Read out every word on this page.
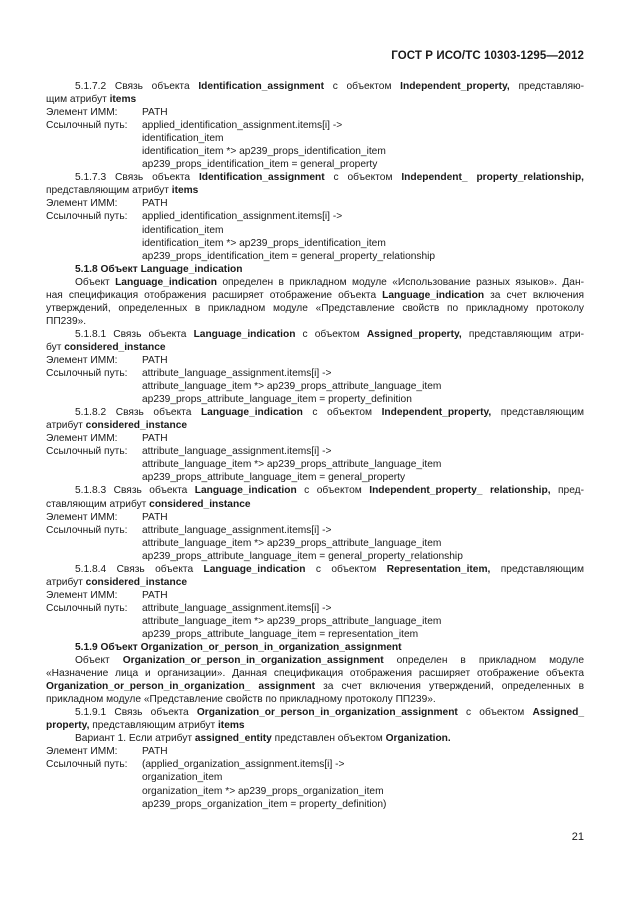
ГОСТ Р ИСО/ТС 10303-1295—2012
5.1.7.2 Связь объекта Identification_assignment с объектом Independent_property, представляю-
щим атрибут items
Элемент ИММ:	PATH
Ссылочный путь:	applied_identification_assignment.items[i] ->
identification_item
identification_item *> ap239_props_identification_item
ap239_props_identification_item = general_property
5.1.7.3 Связь объекта Identification_assignment с объектом Independent_ property_relationship,
представляющим атрибут items
Элемент ИММ:	PATH
Ссылочный путь:	applied_identification_assignment.items[i] ->
identification_item
identification_item *> ap239_props_identification_item
ap239_props_identification_item = general_property_relationship
5.1.8 Объект Language_indication
Объект Language_indication определен в прикладном модуле «Использование разных языков». Дан-
ная спецификация отображения расширяет отображение объекта Language_indication за счет включения
утверждений, определенных в прикладном модуле «Представление свойств по прикладному протоколу
ПП239».
5.1.8.1 Связь объекта Language_indication с объектом Assigned_property, представляющим атри-
бут considered_instance
Элемент ИММ:	PATH
Ссылочный путь:	attribute_language_assignment.items[i] ->
attribute_language_item *> ap239_props_attribute_language_item
ap239_props_attribute_language_item = property_definition
5.1.8.2 Связь объекта Language_indication с объектом Independent_property, представляющим
атрибут considered_instance
Элемент ИММ:	PATH
Ссылочный путь:	attribute_language_assignment.items[i] ->
attribute_language_item *> ap239_props_attribute_language_item
ap239_props_attribute_language_item = general_property
5.1.8.3 Связь объекта Language_indication с объектом Independent_property_ relationship, пред-
ставляющим атрибут considered_instance
Элемент ИММ:	PATH
Ссылочный путь:	attribute_language_assignment.items[i] ->
attribute_language_item *> ap239_props_attribute_language_item
ap239_props_attribute_language_item = general_property_relationship
5.1.8.4 Связь объекта Language_indication с объектом Representation_item, представляющим
атрибут considered_instance
Элемент ИММ:	PATH
Ссылочный путь:	attribute_language_assignment.items[i] ->
attribute_language_item *> ap239_props_attribute_language_item
ap239_props_attribute_language_item = representation_item
5.1.9 Объект Organization_or_person_in_organization_assignment
Объект Organization_or_person_in_organization_assignment определен в прикладном модуле
«Назначение лица и организации». Данная спецификация отображения расширяет отображение объекта
Organization_or_person_in_organization_ assignment за счет включения утверждений, определенных в
прикладном модуле «Представление свойств по прикладному протоколу ПП239».
5.1.9.1 Связь объекта Organization_or_person_in_organization_assignment с объектом Assigned_
property, представляющим атрибут items
Вариант 1. Если атрибут assigned_entity представлен объектом Organization.
Элемент ИММ:	PATH
Ссылочный путь:	(applied_organization_assignment.items[i] ->
organization_item
organization_item *> ap239_props_organization_item
ap239_props_organization_item = property_definition)
21
